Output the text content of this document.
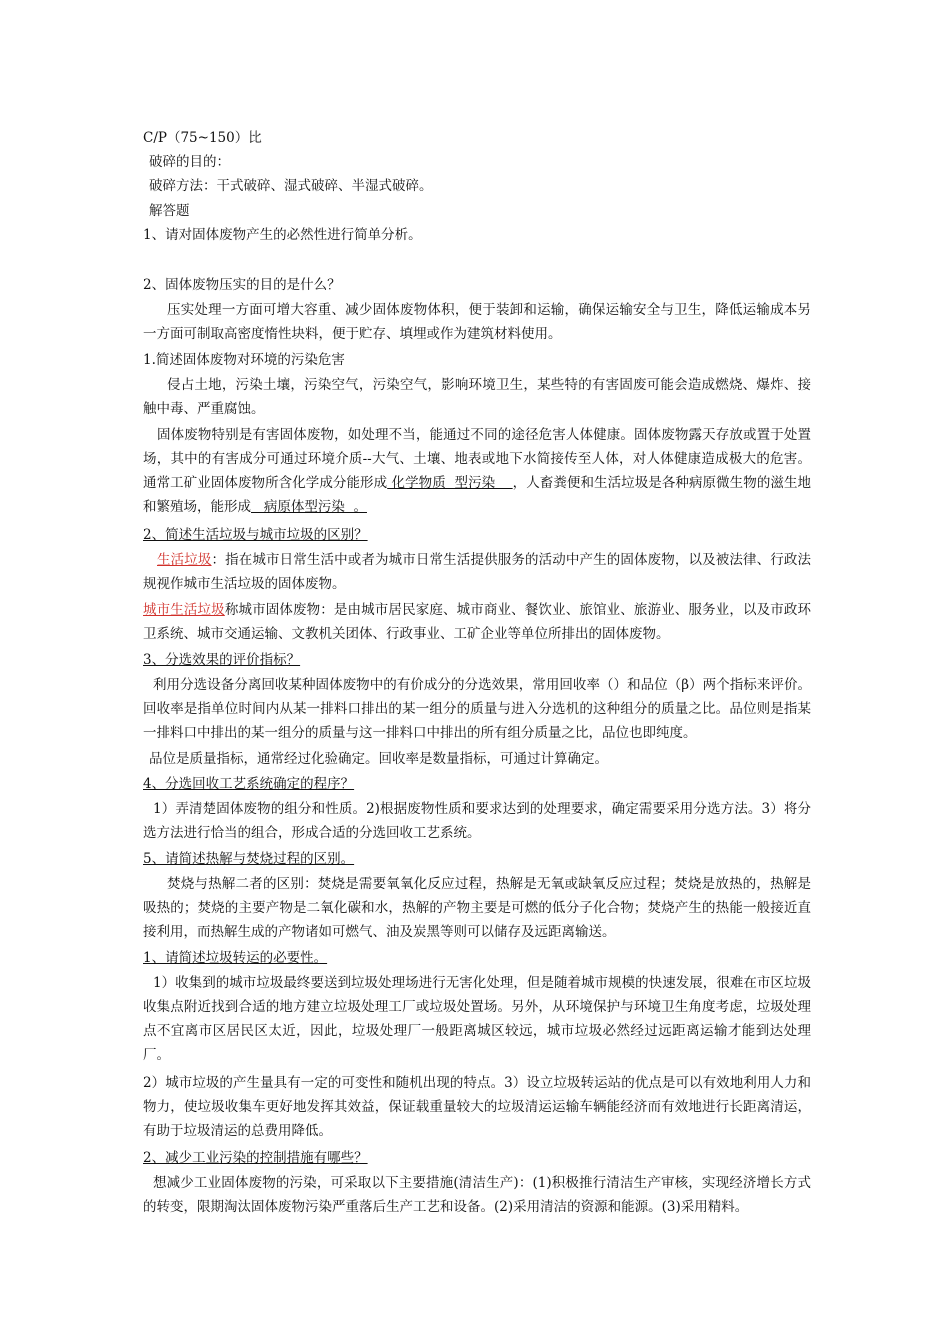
C/P（75~150）比
破碎的目的：
破碎方法：干式破碎、湿式破碎、半湿式破碎。
解答题
1、请对固体废物产生的必然性进行简单分析。
2、固体废物压实的目的是什么？
压实处理一方面可增大容重、减少固体废物体积，便于装卸和运输，确保运输安全与卫生，降低运输成本另一方面可制取高密度惰性块料，便于贮存、填埋或作为建筑材料使用。
1.简述固体废物对环境的污染危害
侵占土地，污染土壤，污染空气，污染空气，影响环境卫生，某些特的有害固废可能会造成燃烧、爆炸、接触中毒、严重腐蚀。
固体废物特别是有害固体废物，如处理不当，能通过不同的途径危害人体健康。固体废物露天存放或置于处置场，其中的有害成分可通过环境介质--大气、土壤、地表或地下水简接传至人体，对人体健康造成极大的危害。通常工矿业固体废物所含化学成分能形成 化学物质  型污染    ，人畜粪便和生活垃圾是各种病原微生物的滋生地和繁殖场，能形成   病原体型污染  。
2、简述生活垃圾与城市垃圾的区别？
生活垃圾：指在城市日常生活中或者为城市日常生活提供服务的活动中产生的固体废物，以及被法律、行政法规视作城市生活垃圾的固体废物。
城市生活垃圾称城市固体废物：是由城市居民家庭、城市商业、餐饮业、旅馆业、旅游业、服务业，以及市政环卫系统、城市交通运输、文教机关团体、行政事业、工矿企业等单位所排出的固体废物。
3、分选效果的评价指标？
利用分选设备分离回收某种固体废物中的有价成分的分选效果，常用回收率（）和品位（β）两个指标来评价。回收率是指单位时间内从某一排料口排出的某一组分的质量与进入分选机的这种组分的质量之比。品位则是指某一排料口中排出的某一组分的质量与这一排料口中排出的所有组分质量之比，品位也即纯度。
品位是质量指标，通常经过化验确定。回收率是数量指标，可通过计算确定。
4、分选回收工艺系统确定的程序？
1）弄清楚固体废物的组分和性质。2)根据废物性质和要求达到的处理要求，确定需要采用分选方法。3）将分选方法进行恰当的组合，形成合适的分选回收工艺系统。
5、请简述热解与焚烧过程的区别。
焚烧与热解二者的区别：焚烧是需要氧氧化反应过程，热解是无氧或缺氧反应过程；焚烧是放热的，热解是吸热的；焚烧的主要产物是二氧化碳和水，热解的产物主要是可燃的低分子化合物；焚烧产生的热能一般接近直接利用，而热解生成的产物诸如可燃气、油及炭黑等则可以储存及远距离输送。
1、请简述垃圾转运的必要性。
1）收集到的城市垃圾最终要送到垃圾处理场进行无害化处理，但是随着城市规模的快速发展，很难在市区垃圾收集点附近找到合适的地方建立垃圾处理工厂或垃圾处置场。另外，从环境保护与环境卫生角度考虑，垃圾处理点不宜离市区居民区太近，因此，垃圾处理厂一般距离城区较远，城市垃圾必然经过远距离运输才能到达处理厂。
2）城市垃圾的产生量具有一定的可变性和随机出现的特点。3）设立垃圾转运站的优点是可以有效地利用人力和物力，使垃圾收集车更好地发挥其效益，保证载重量较大的垃圾清运运输车辆能经济而有效地进行长距离清运，有助于垃圾清运的总费用降低。
2、减少工业污染的控制措施有哪些？
想减少工业固体废物的污染，可采取以下主要措施(清洁生产)：(1)积极推行清洁生产审核，实现经济增长方式的转变，限期淘汰固体废物污染严重落后生产工艺和设备。(2)采用清洁的资源和能源。(3)采用精料。
